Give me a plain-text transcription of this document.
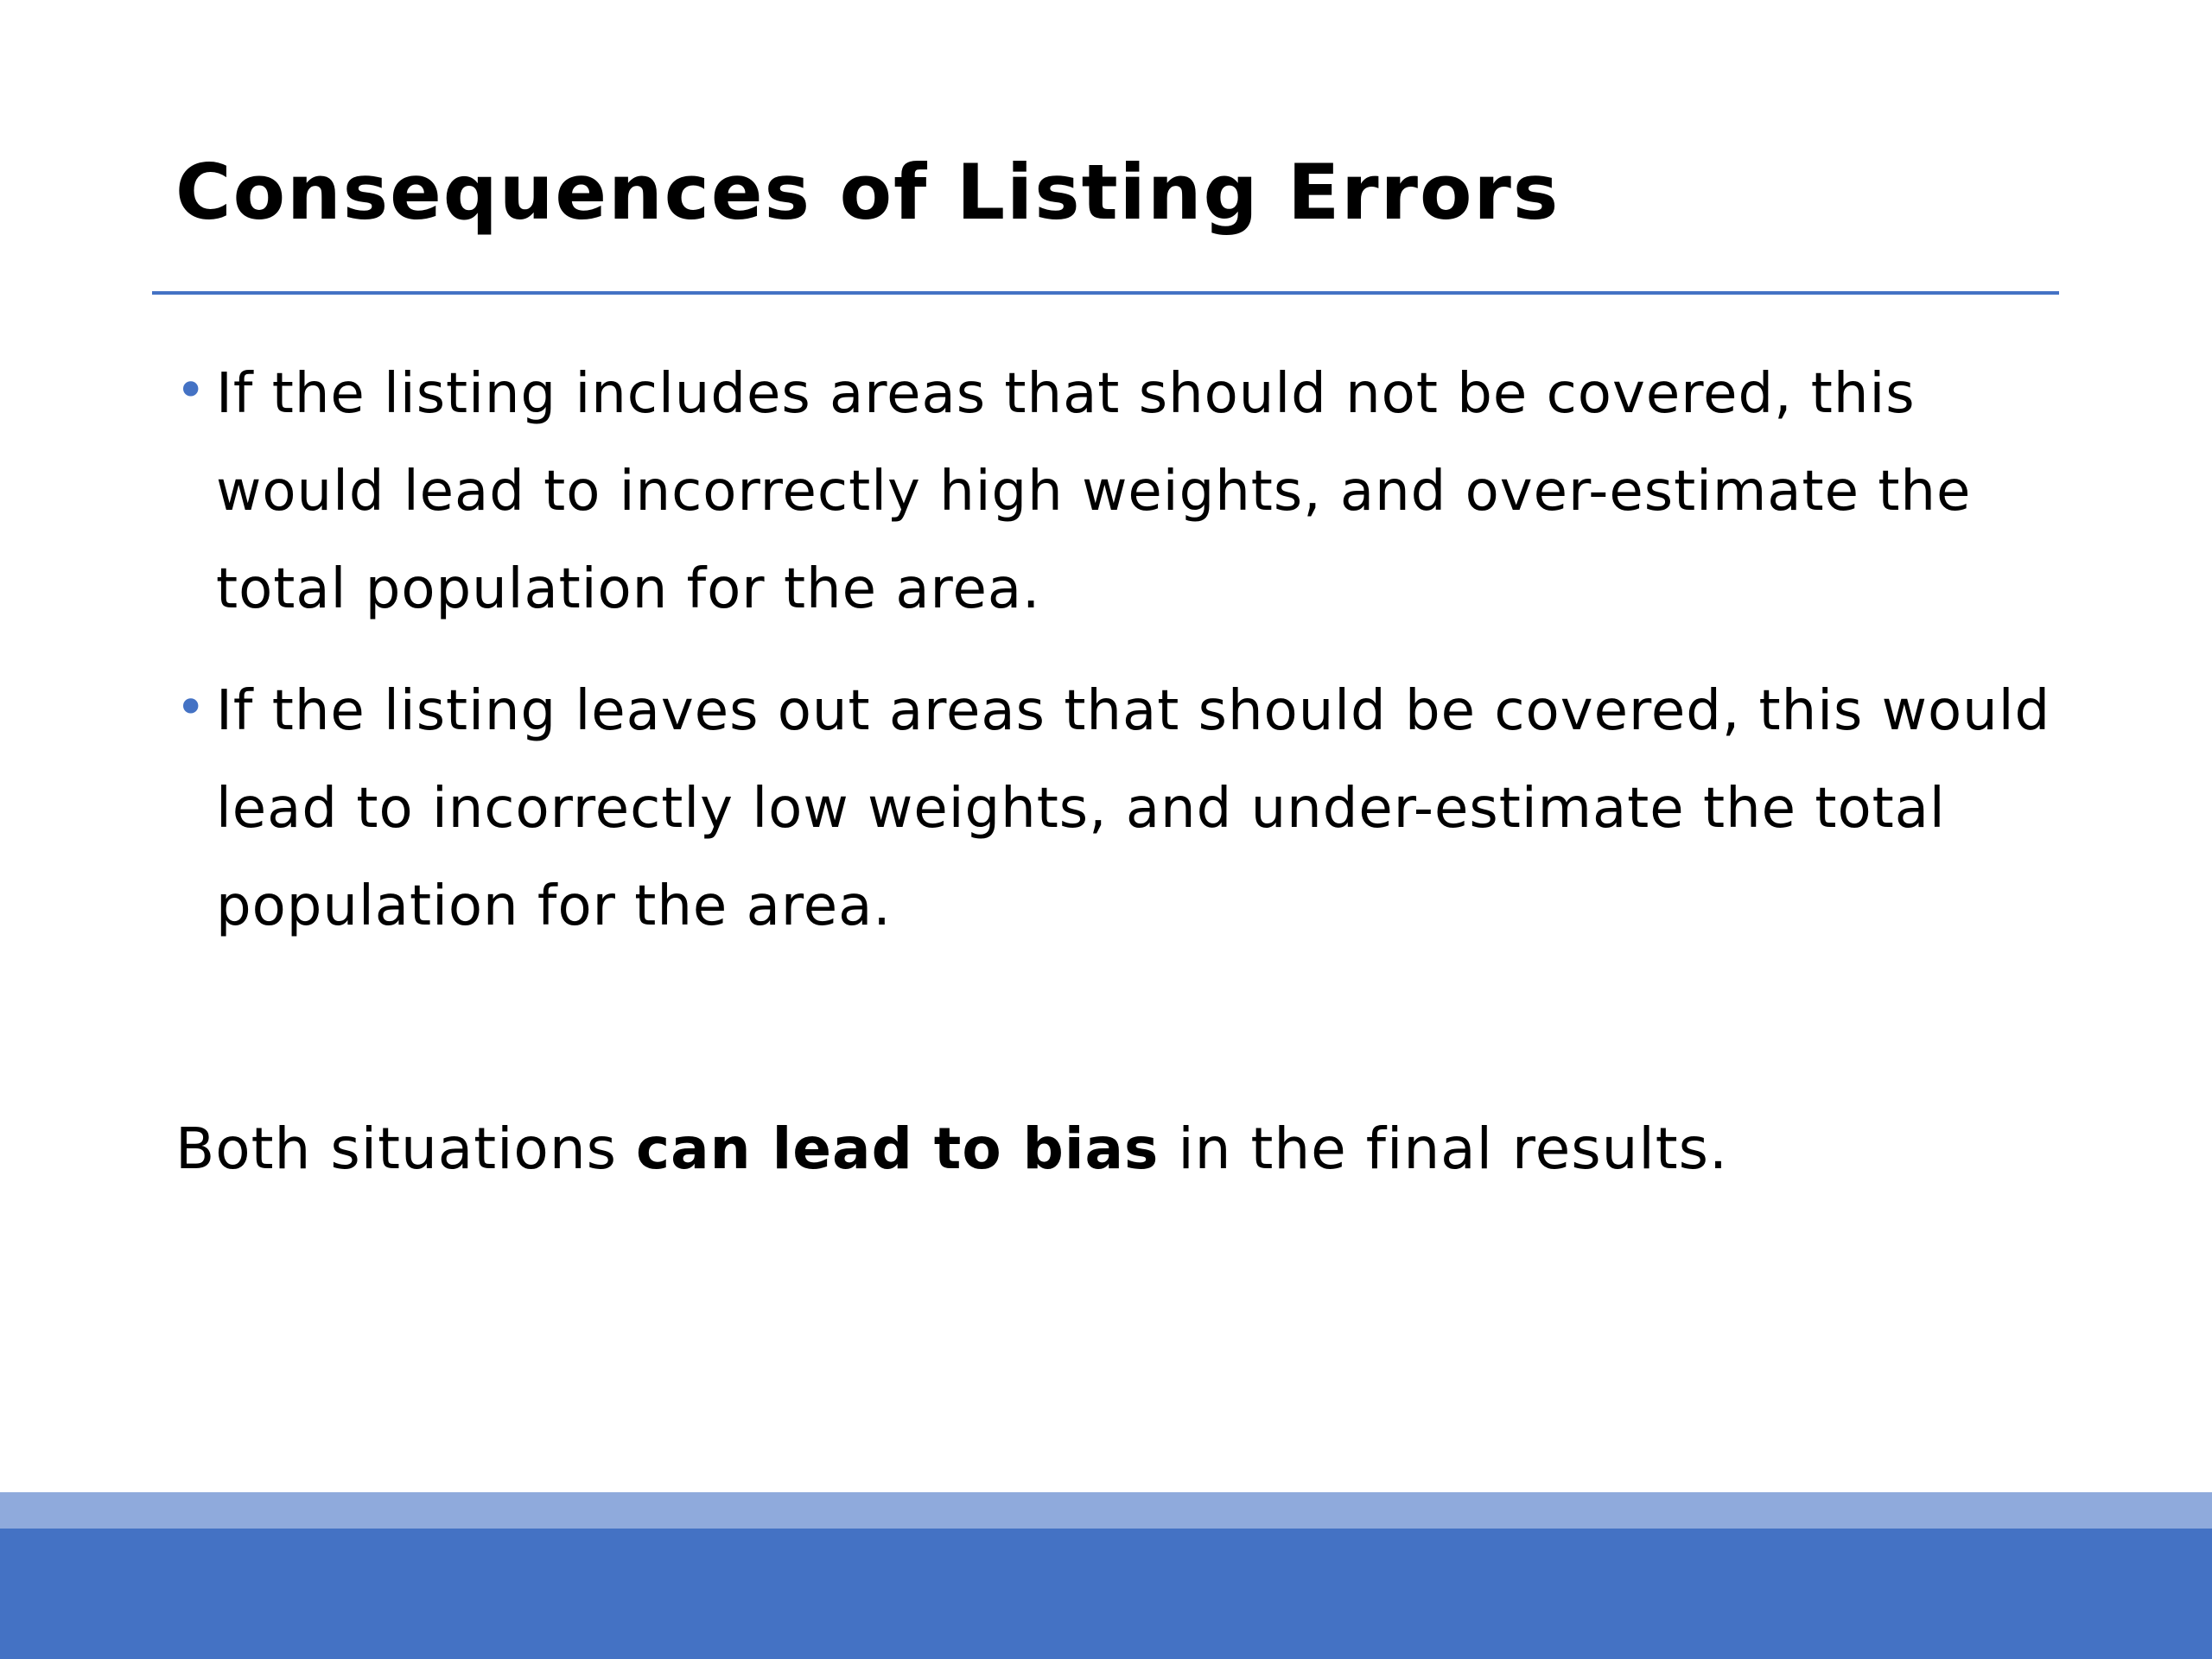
Consequences of Listing Errors
• If the listing includes areas that should not be covered, this would lead to incorrectly high weights, and over-estimate the total population for the area.
• If the listing leaves out areas that should be covered, this would lead to incorrectly low weights, and under-estimate the total population for the area.

Both situations can lead to bias in the final results.
